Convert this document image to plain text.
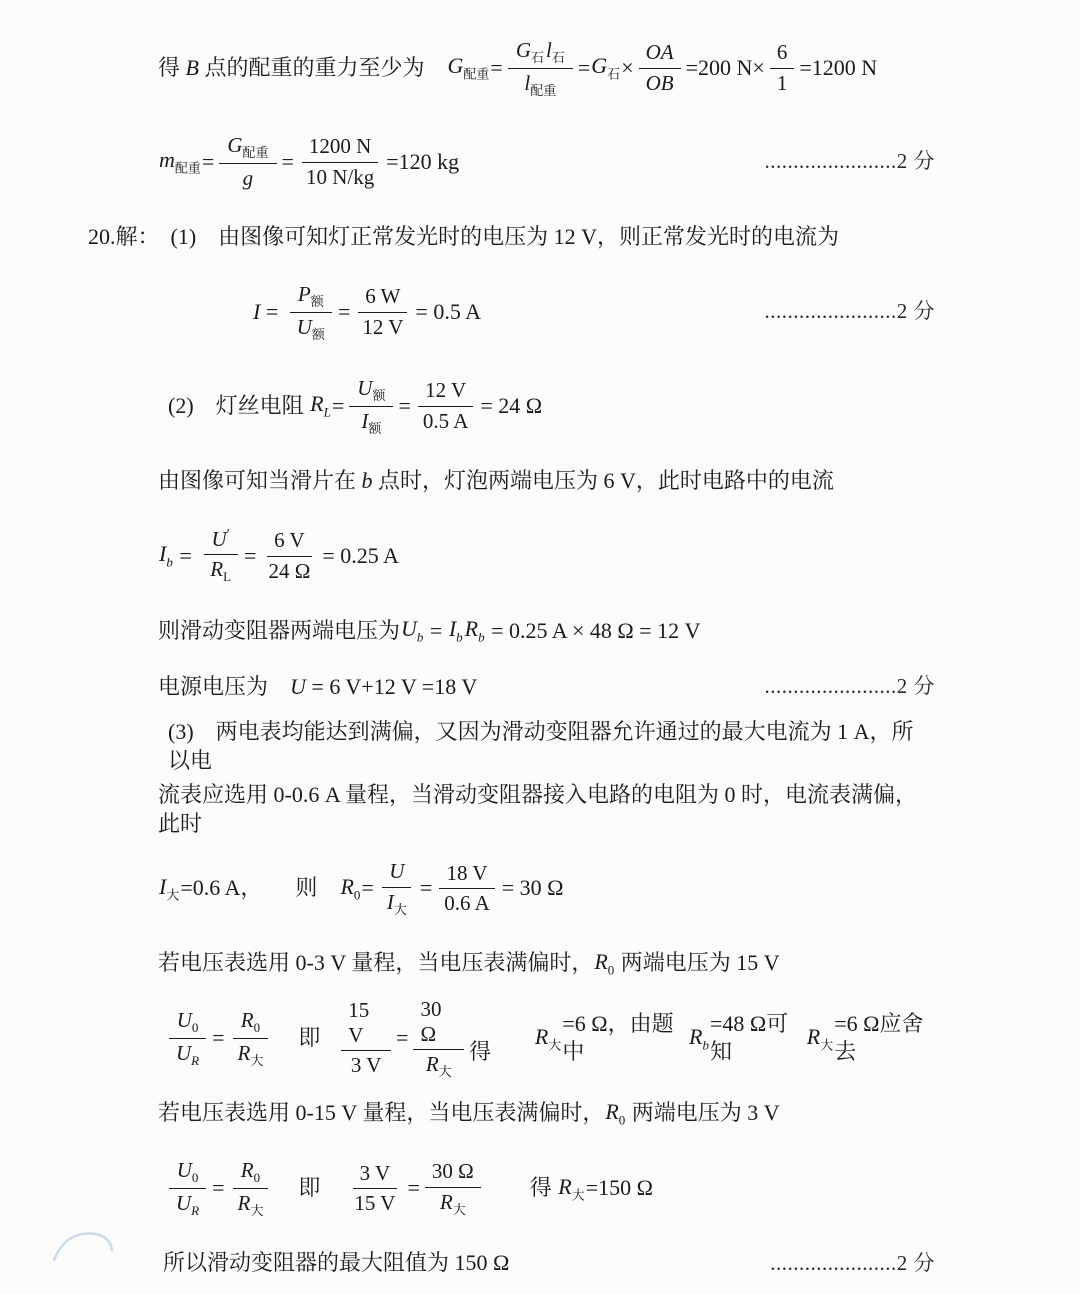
得 B 点的配重的重力至少为　 $G_{配重} = \frac{G_石 l_石}{l_{配重}} = G_石 \times \frac{OA}{OB} =200$ $N\times \frac{6}{1} =1200$ N
$m_{配重} = \frac{G_{配重}}{g} = \frac{1200 N}{10 N/kg} =120$ kg	.......................2 分
20.解：　(1)　由图像可知灯正常发光时的电压为 12 V，则正常发光时的电流为
$I = \frac{P_额}{U_额} = \frac{6 W}{12 V} = 0.5$ A	.......................2 分
(2)　灯丝电阻 $R_L = \frac{U_额}{I_额} = \frac{12 V}{0.5 A} = 24$ Ω
由图像可知当滑片在 b 点时，灯泡两端电压为 6 V，此时电路中的电流
$I_b = \frac{U'}{R_L} = \frac{6 V}{24 \Omega} = 0.25$ A
则滑动变阻器两端电压为 $U_b = I_b$ $R_b = 0.25$ A × 48 Ω = 12 V
电源电压为　 U = 6 V+12 V =18 V	.......................2 分
(3)　两电表均能达到满偏，又因为滑动变阻器允许通过的最大电流为 1 A，所以电
流表应选用 0-0.6 A 量程，当滑动变阻器接入电路的电阻为 0 时，电流表满偏，此时
$I_大 =0.6$ A，　　则　 $R_0 = \frac{U}{I_大} = \frac{18 V}{0.6 A} = 30$ Ω
若电压表选用 0-3 V 量程，当电压表满偏时， $R_0$ 两端电压为 15 V
$\frac{U_0}{U_R} = \frac{R_0}{R_大}$ 　即　
$\frac{15 V}{3 V} = \frac{30 \Omega}{R_大}$ 　　得
$R_大$
=6 Ω，由题中
$R_b$
=48 Ω可知
$R_大$
=6 Ω应舍去
若电压表选用 0-15 V 量程，当电压表满偏时， $R_0$ 两端电压为 3 V
$\frac{U_0}{U_R} = \frac{R_0}{R_大}$ 　即　 $\frac{3 V}{15 V} = \frac{30 \Omega}{R_大}$ 　　得 $R_大 =150$ Ω
所以滑动变阻器的最大阻值为 150 Ω	......................2 分
